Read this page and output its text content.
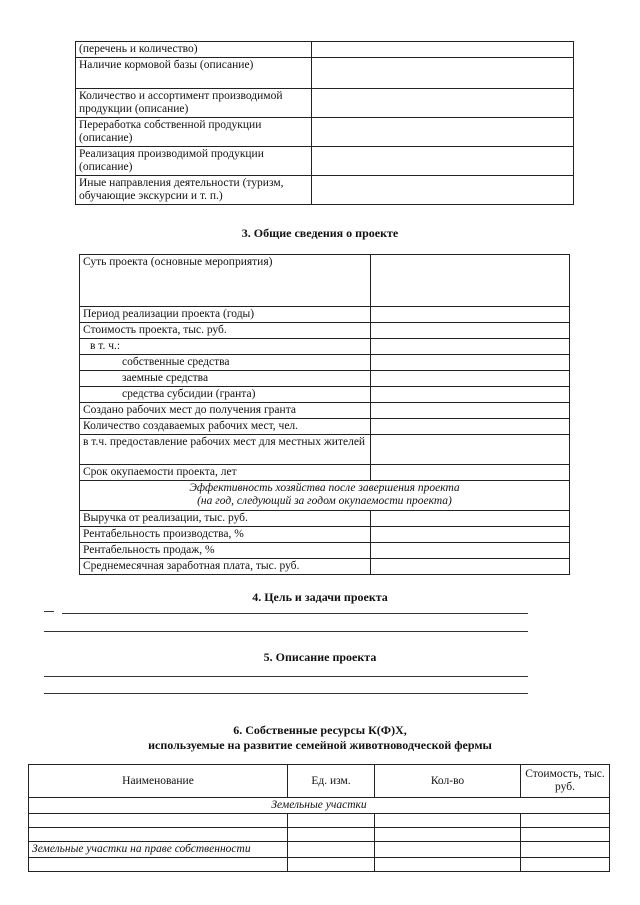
(перечень и количество)	
Наличие кормовой базы (описание)	
Количество и ассортимент производимой продукции (описание)	
Переработка собственной продукции (описание)	
Реализация производимой продукции (описание)	
Иные направления деятельности (туризм, обучающие экскурсии и т. п.)	
3. Общие сведения о проекте
Суть проекта (основные мероприятия)	
Период реализации проекта (годы)	
Стоимость проекта, тыс. руб.	
в т. ч.:	
собственные средства	
заемные средства	
средства субсидии (гранта)	
Создано рабочих мест до получения гранта	
Количество создаваемых рабочих мест, чел.	
в т.ч. предоставление рабочих мест для местных жителей	
Срок окупаемости проекта, лет	

Эффективность хозяйства после завершения проекта
(на год, следующий за годом окупаемости проекта)	

Выручка от реализации, тыс. руб.	
Рентабельность производства, %	
Рентабельность продаж, %	
Среднемесячная заработная плата, тыс. руб.	
4. Цель и задачи проекта
5. Описание проекта
6. Собственные ресурсы К(Ф)Х,
используемые на развитие семейной животноводческой фермы
Наименование	Ед. изм.	Кол-во	Стоимость, тыс. руб.
Земельные участки			

Земельные участки на праве собственности			
